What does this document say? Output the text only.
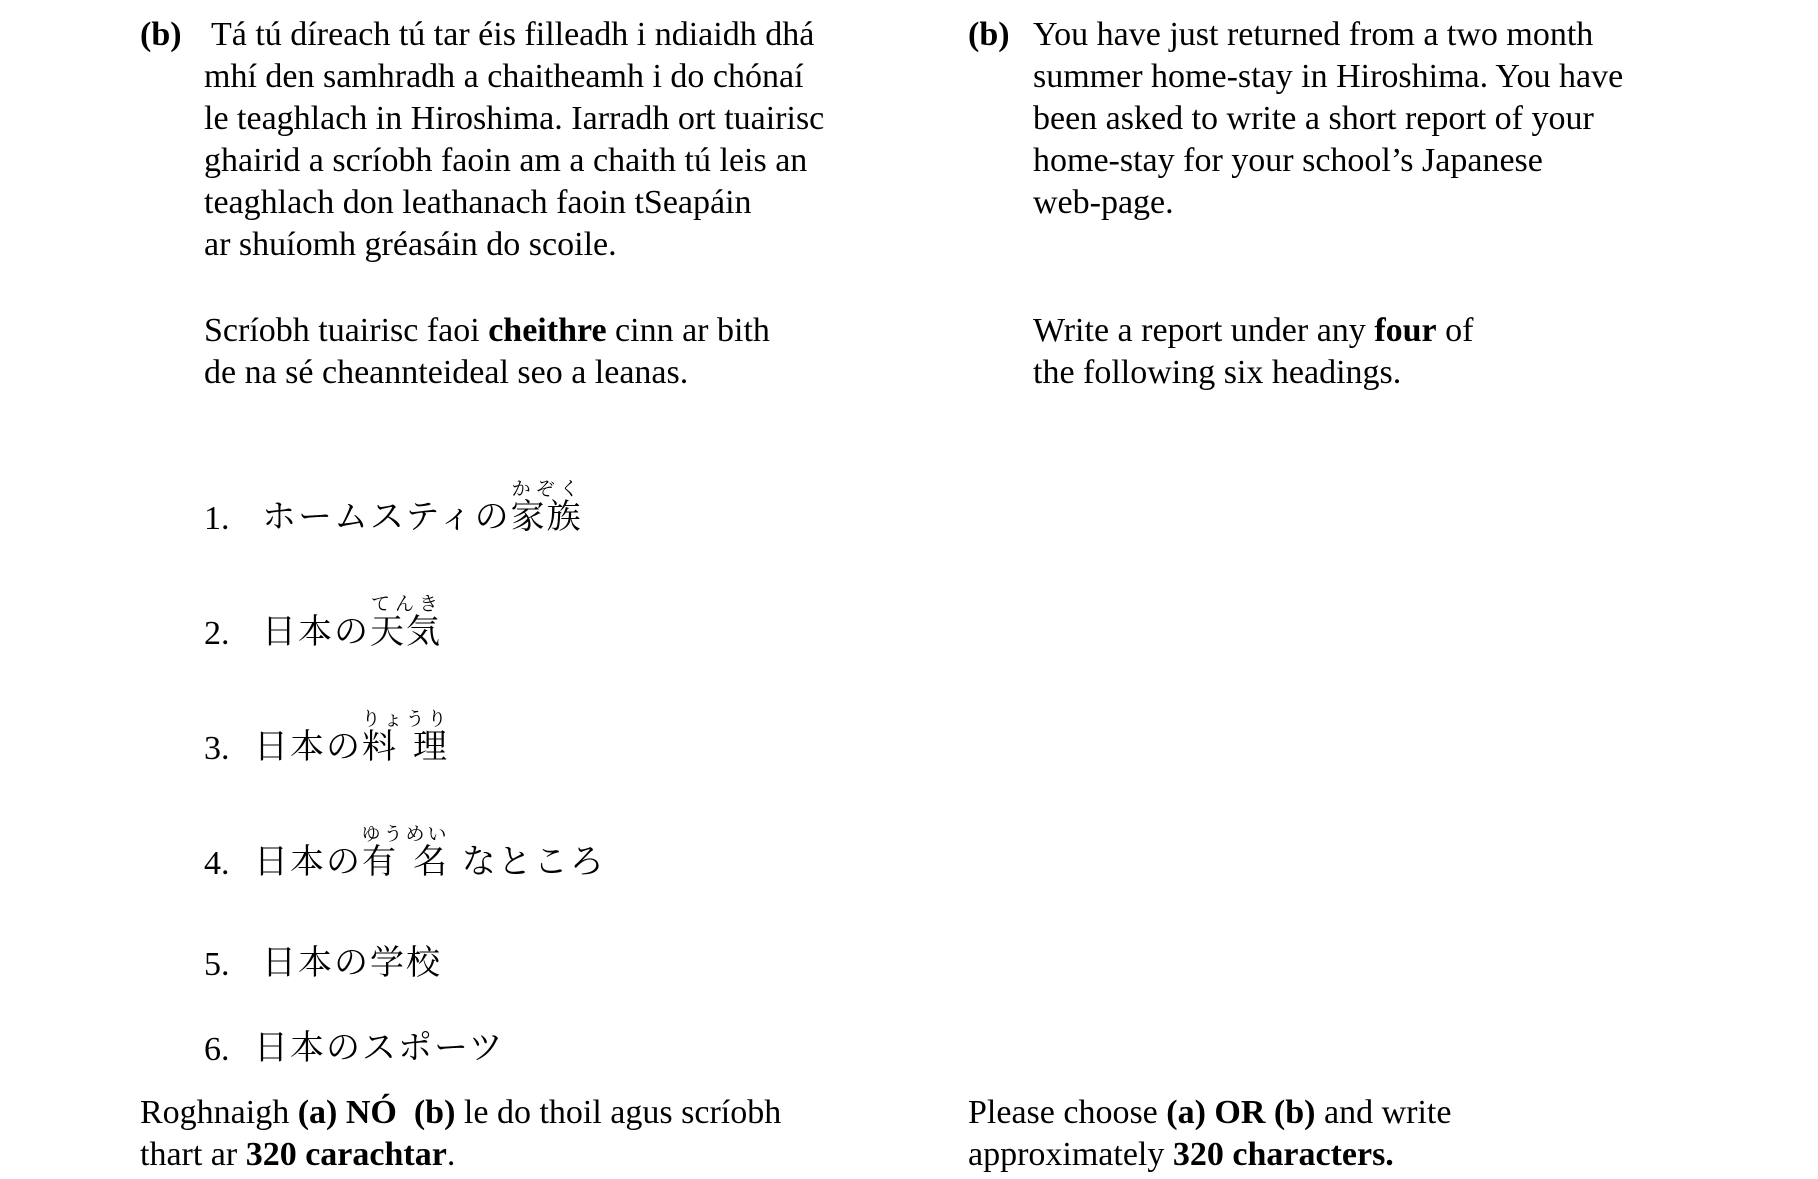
(b) Tá tú díreach tú tar éis filleadh i ndiaidh dhá
mhí den samhradh a chaitheamh i do chónaí
le teaghlach in Hiroshima. Iarradh ort tuairisc
ghairid a scríobh faoin am a chaith tú leis an
teaghlach don leathanach faoin tSeapáin
ar shuíomh gréasáin do scoile.
Scríobh tuairisc faoi cheithre cinn ar bith
de na sé cheannteideal seo a leanas.
(b) You have just returned from a two month
summer home-stay in Hiroshima. You have
been asked to write a short report of your
home-stay for your school’s Japanese
web-page.
Write a report under any four of
the following six headings.
1. ホームスティの家族かぞく
2. 日本の天気てんき
3. 日本の料 理りょうり
4. 日本の有 名ゆうめい なところ
5. 日本の学校
6. 日本のスポーツ
Roghnaigh (a) NÓ  (b) le do thoil agus scríobh
thart ar 320 carachtar.
Please choose (a) OR (b) and write
approximately 320 characters.
